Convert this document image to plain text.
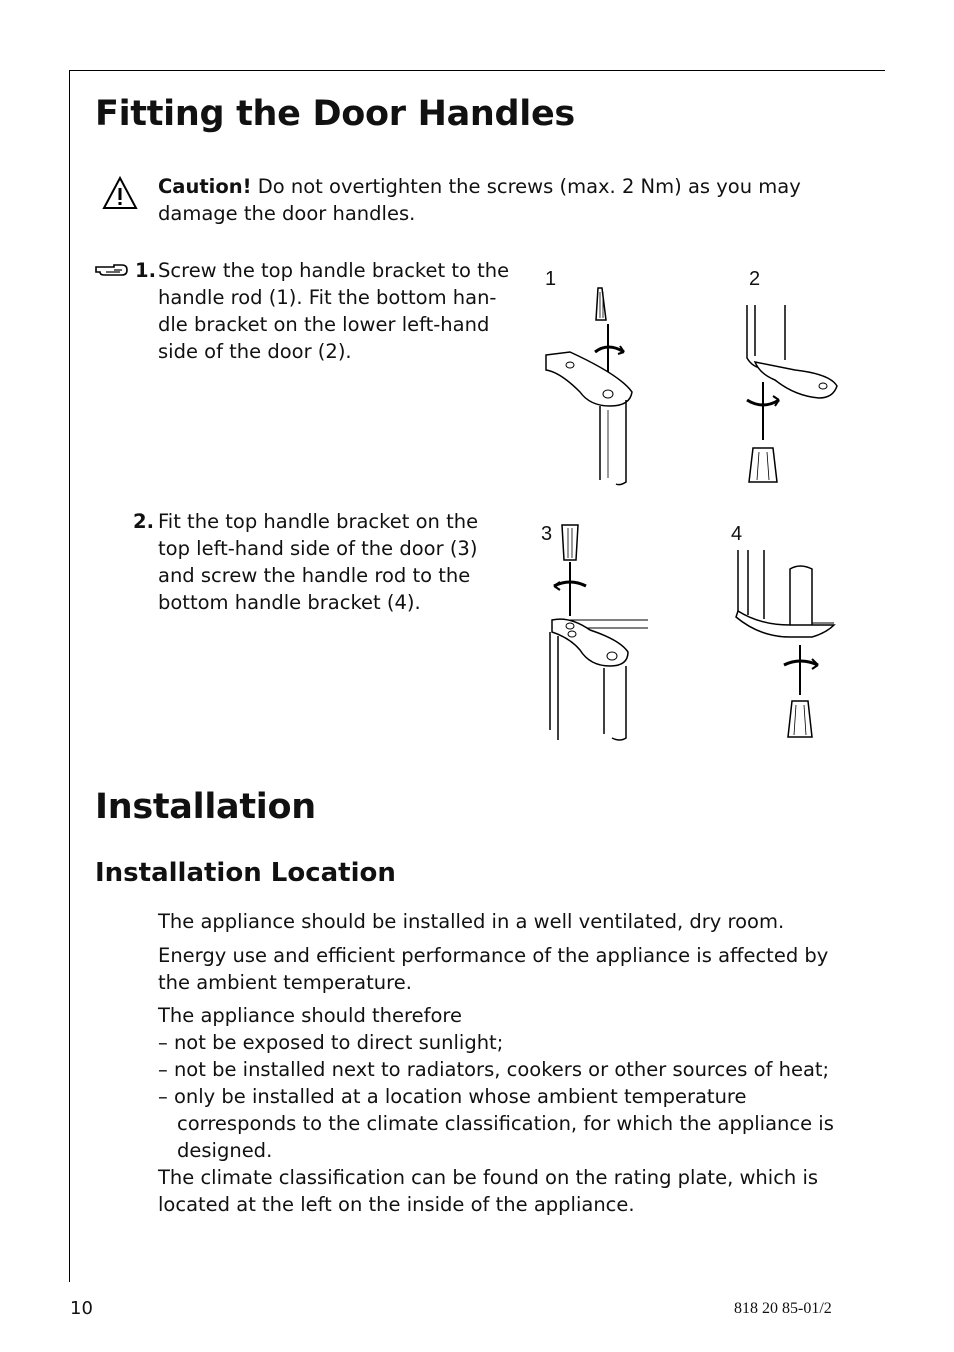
Fitting the Door Handles

Caution! Do not overtighten the screws (max. 2 Nm) as you may

damage the door handles.

1. Screw the top handle bracket to the
handle rod (1). Fit the bottom han-
dle bracket on the lower left-hand
side of the door (2).

2. Fit the top handle bracket on the
top left-hand side of the door (3)
and screw the handle rod to the
bottom handle bracket (4).

1	2
3	4
Installation
Installation Location

The appliance should be installed in a well ventilated, dry room.

Energy use and efficient performance of the appliance is affected by
the ambient temperature.

The appliance should therefore
– not be exposed to direct sunlight;
– not be installed next to radiators, cookers or other sources of heat;
– only be installed at a location whose ambient temperature
corresponds to the climate classification, for which the appliance is
designed.
The climate classification can be found on the rating plate, which is
located at the left on the inside of the appliance.

10	818 20 85-01/2
